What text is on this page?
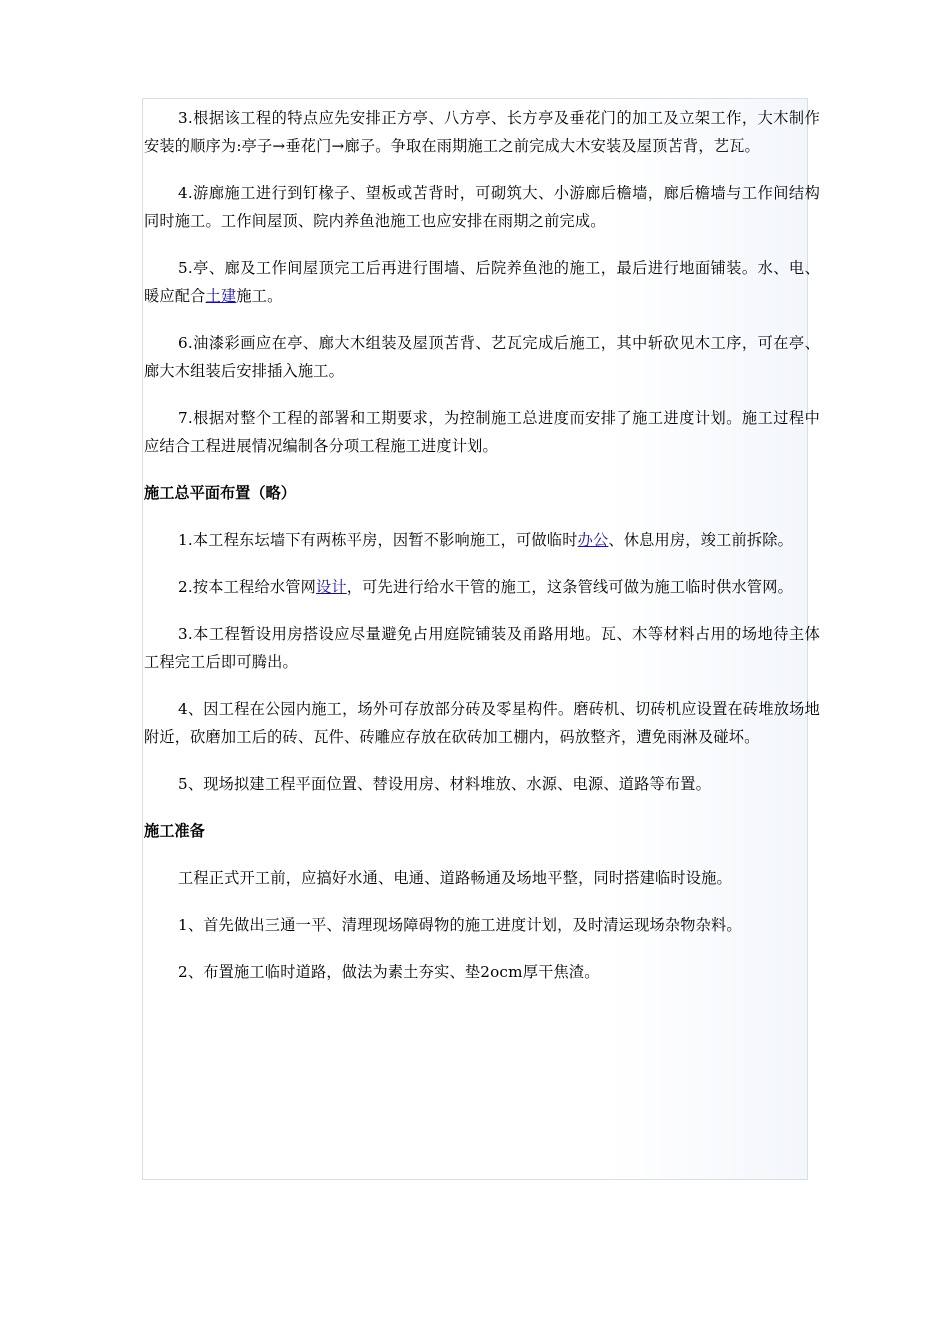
3.根据该工程的特点应先安排正方亭、八方亭、长方亭及垂花门的加工及立架工作，大木制作安装的顺序为:亭子→垂花门→廊子。争取在雨期施工之前完成大木安装及屋顶苫背，艺瓦。

4.游廊施工进行到钉椽子、望板或苫背时，可砌筑大、小游廊后檐墙，廊后檐墙与工作间结构同时施工。工作间屋顶、院内养鱼池施工也应安排在雨期之前完成。

5.亭、廊及工作间屋顶完工后再进行围墙、后院养鱼池的施工，最后进行地面铺装。水、电、暖应配合土建施工。

6.油漆彩画应在亭、廊大木组装及屋顶苫背、艺瓦完成后施工，其中斩砍见木工序，可在亭、廊大木组装后安排插入施工。

7.根据对整个工程的部署和工期要求，为控制施工总进度而安排了施工进度计划。施工过程中应结合工程进展情况编制各分项工程施工进度计划。

施工总平面布置（略）

1.本工程东坛墙下有两栋平房，因暂不影响施工，可做临时办公、休息用房，竣工前拆除。

2.按本工程给水管网设计，可先进行给水干管的施工，这条管线可做为施工临时供水管网。

3.本工程暂设用房搭设应尽量避免占用庭院铺装及甬路用地。瓦、木等材料占用的场地待主体工程完工后即可腾出。

4、因工程在公园内施工，场外可存放部分砖及零星构件。磨砖机、切砖机应设置在砖堆放场地附近，砍磨加工后的砖、瓦件、砖雕应存放在砍砖加工棚内，码放整齐，遭免雨淋及碰坏。

5、现场拟建工程平面位置、替设用房、材料堆放、水源、电源、道路等布置。

施工准备

工程正式开工前，应搞好水通、电通、道路畅通及场地平整，同时搭建临时设施。

1、首先做出三通一平、清理现场障碍物的施工进度计划，及时清运现场杂物杂料。

2、布置施工临时道路，做法为素土夯实、垫2ocm厚干焦渣。
